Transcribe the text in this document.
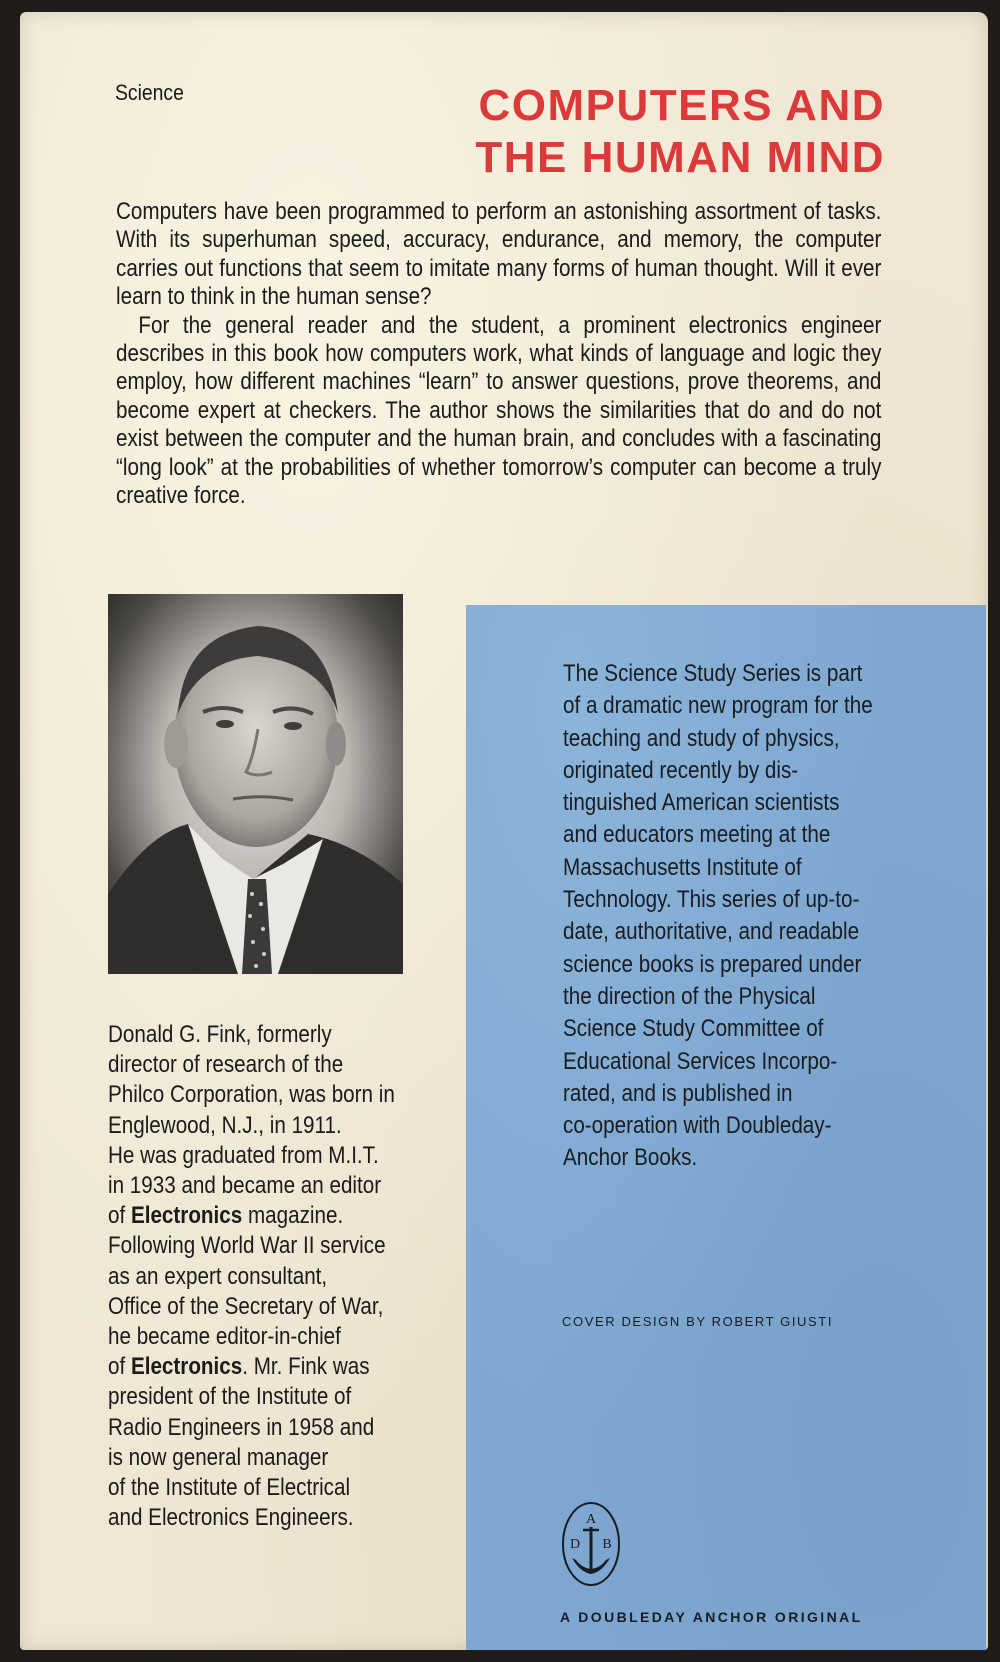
Science	COMPUTERS AND
THE HUMAN MIND

Computers have been programmed to perform an astonishing assortment of tasks. With its superhuman speed, accuracy, endurance, and memory, the computer carries out functions that seem to imitate many forms of human thought. Will it ever learn to think in the human sense?

For the general reader and the student, a prominent electronics engineer describes in this book how computers work, what kinds of language and logic they employ, how different machines “learn” to answer questions, prove theorems, and become expert at checkers. The author shows the similarities that do and do not exist between the computer and the human brain, and concludes with a fascinating “long look” at the probabilities of whether tomorrow’s computer can become a truly creative force.

Donald G. Fink, formerly
director of research of the
Philco Corporation, was born in
Englewood, N.J., in 1911.
He was graduated from M.I.T.
in 1933 and became an editor
of Electronics magazine.
Following World War II service
as an expert consultant,
Office of the Secretary of War,
he became editor-in-chief
of Electronics. Mr. Fink was
president of the Institute of
Radio Engineers in 1958 and
is now general manager
of the Institute of Electrical
and Electronics Engineers.
The Science Study Series is part
of a dramatic new program for the
teaching and study of physics,
originated recently by dis-
tinguished American scientists
and educators meeting at the
Massachusetts Institute of
Technology. This series of up-to-
date, authoritative, and readable
science books is prepared under
the direction of the Physical
Science Study Committee of
Educational Services Incorpo-
rated, and is published in
co-operation with Doubleday-
Anchor Books.
COVER DESIGN BY ROBERT GIUSTI
A
D B
A DOUBLEDAY ANCHOR ORIGINAL
